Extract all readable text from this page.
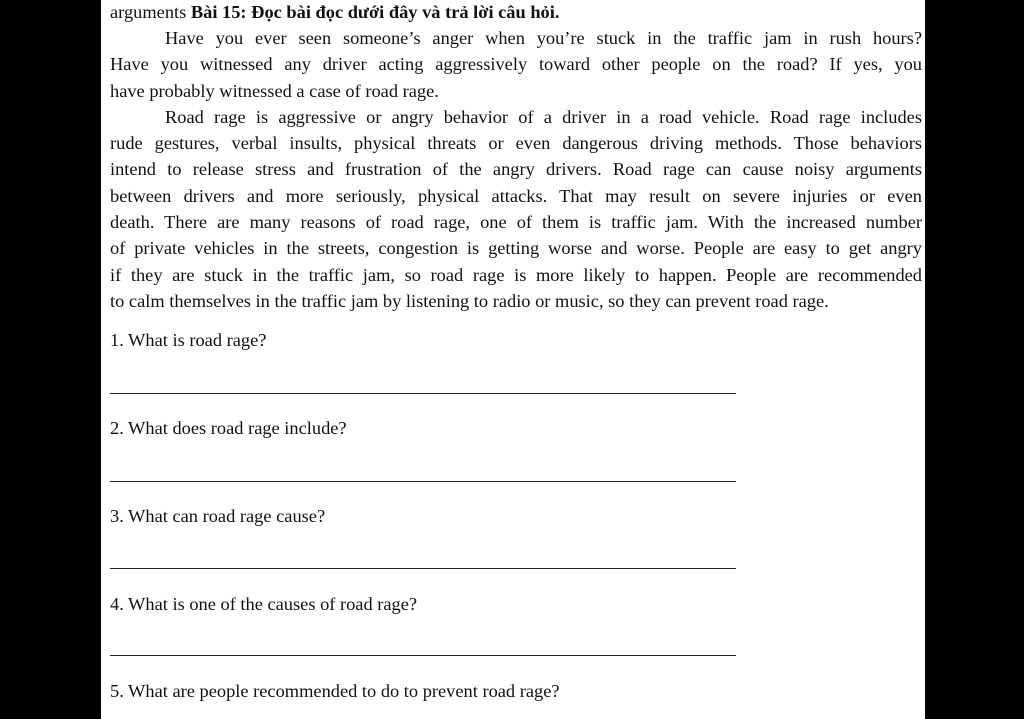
arguments Bài 15: Đọc bài đọc dưới đây và trả lời câu hỏi.
Have you ever seen someone’s anger when you’re stuck in the traffic jam in rush hours?
Have you witnessed any driver acting aggressively toward other people on the road? If yes, you
have probably witnessed a case of road rage.
Road rage is aggressive or angry behavior of a driver in a road vehicle. Road rage includes
rude gestures, verbal insults, physical threats or even dangerous driving methods. Those behaviors
intend to release stress and frustration of the angry drivers. Road rage can cause noisy arguments
between drivers and more seriously, physical attacks. That may result on severe injuries or even
death. There are many reasons of road rage, one of them is traffic jam. With the increased number
of private vehicles in the streets, congestion is getting worse and worse. People are easy to get angry
if they are stuck in the traffic jam, so road rage is more likely to happen. People are recommended
to calm themselves in the traffic jam by listening to radio or music, so they can prevent road rage.
1. What is road rage?
2. What does road rage include?
3. What can road rage cause?
4. What is one of the causes of road rage?
5. What are people recommended to do to prevent road rage?
